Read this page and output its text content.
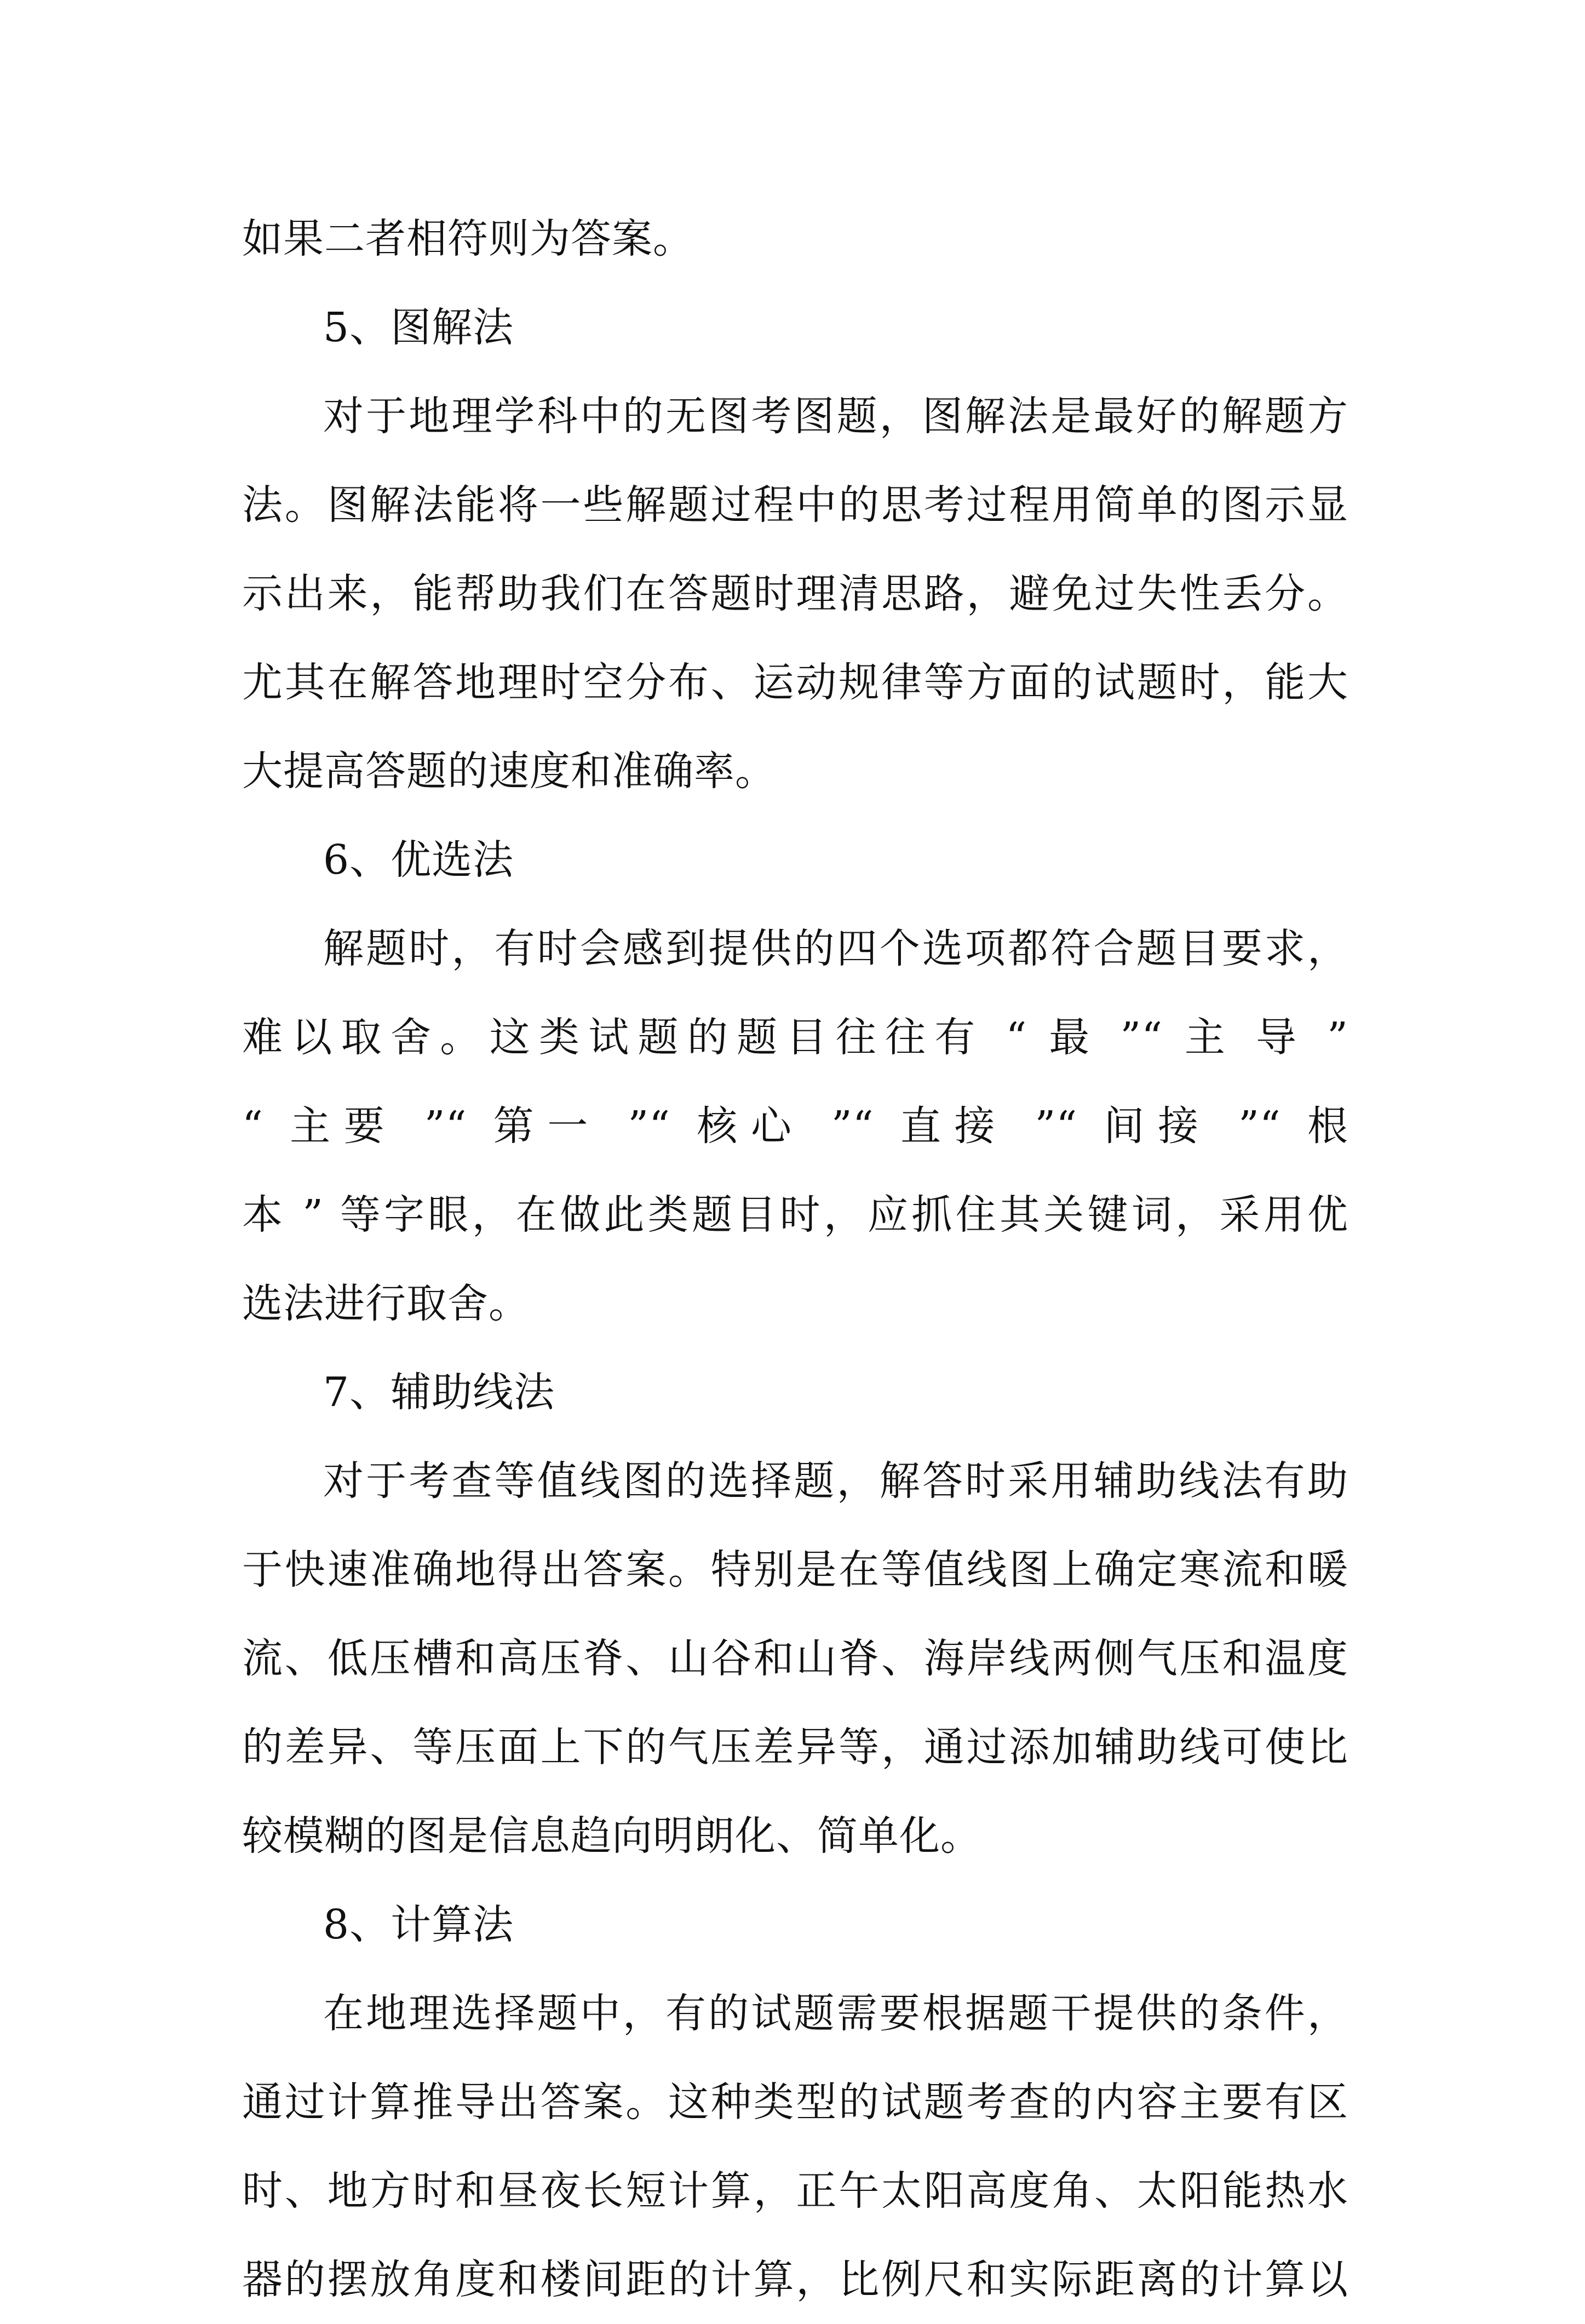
如果二者相符则为答案。
5、图解法
对于地理学科中的无图考图题，图解法是最好的解题方
法。图解法能将一些解题过程中的思考过程用简单的图示显
示出来，能帮助我们在答题时理清思路，避免过失性丢分。
尤其在解答地理时空分布、运动规律等方面的试题时，能大
大提高答题的速度和准确率。
6、优选法
解题时，有时会感到提供的四个选项都符合题目要求，
难以取舍。这类试题的题目往往有 “ 最 ”“ 主 导 ”
“ 主要 ”“ 第一 ”“ 核心 ”“ 直接 ”“ 间接 ”“ 根
本 ” 等字眼，在做此类题目时，应抓住其关键词，采用优
选法进行取舍。
7、辅助线法
对于考查等值线图的选择题，解答时采用辅助线法有助
于快速准确地得出答案。特别是在等值线图上确定寒流和暖
流、低压槽和高压脊、山谷和山脊、海岸线两侧气压和温度
的差异、等压面上下的气压差异等，通过添加辅助线可使比
较模糊的图是信息趋向明朗化、简单化。
8、计算法
在地理选择题中，有的试题需要根据题干提供的条件，
通过计算推导出答案。这种类型的试题考查的内容主要有区
时、地方时和昼夜长短计算，正午太阳高度角、太阳能热水
器的摆放角度和楼间距的计算，比例尺和实际距离的计算以
